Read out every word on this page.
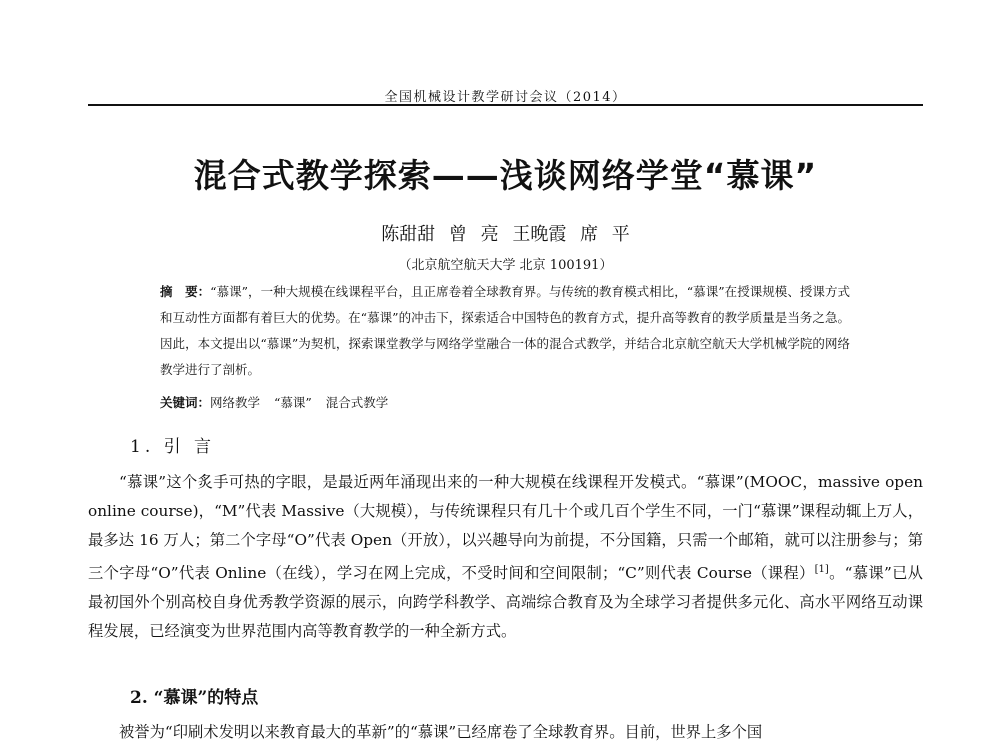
全国机械设计教学研讨会议（2014）
混合式教学探索——浅谈网络学堂“慕课”
陈甜甜 曾 亮 王晚霞 席 平
（北京航空航天大学 北京 100191）
摘　要：“慕课”，一种大规模在线课程平台，且正席卷着全球教育界。与传统的教育模式相比，“慕课”在授课规模、授课方式和互动性方面都有着巨大的优势。在“慕课”的冲击下，探索适合中国特色的教育方式，提升高等教育的教学质量是当务之急。因此，本文提出以“慕课”为契机，探索课堂教学与网络学堂融合一体的混合式教学，并结合北京航空航天大学机械学院的网络教学进行了剖析。
关键词：网络教学 “慕课” 混合式教学
1. 引 言
“慕课”这个炙手可热的字眼，是最近两年涌现出来的一种大规模在线课程开发模式。“慕课”(MOOC，massive open online course)，“M”代表 Massive（大规模），与传统课程只有几十个或几百个学生不同，一门“慕课”课程动辄上万人，最多达 16 万人；第二个字母“O”代表 Open（开放），以兴趣导向为前提，不分国籍，只需一个邮箱，就可以注册参与；第三个字母“O”代表 Online（在线），学习在网上完成，不受时间和空间限制；“C”则代表 Course（课程）[1]。“慕课”已从最初国外个别高校自身优秀教学资源的展示，向跨学科教学、高端综合教育及为全球学习者提供多元化、高水平网络互动课程发展，已经演变为世界范围内高等教育教学的一种全新方式。
2. “慕课”的特点
被誉为“印刷术发明以来教育最大的革新”的“慕课”已经席卷了全球教育界。目前，世界上多个国
